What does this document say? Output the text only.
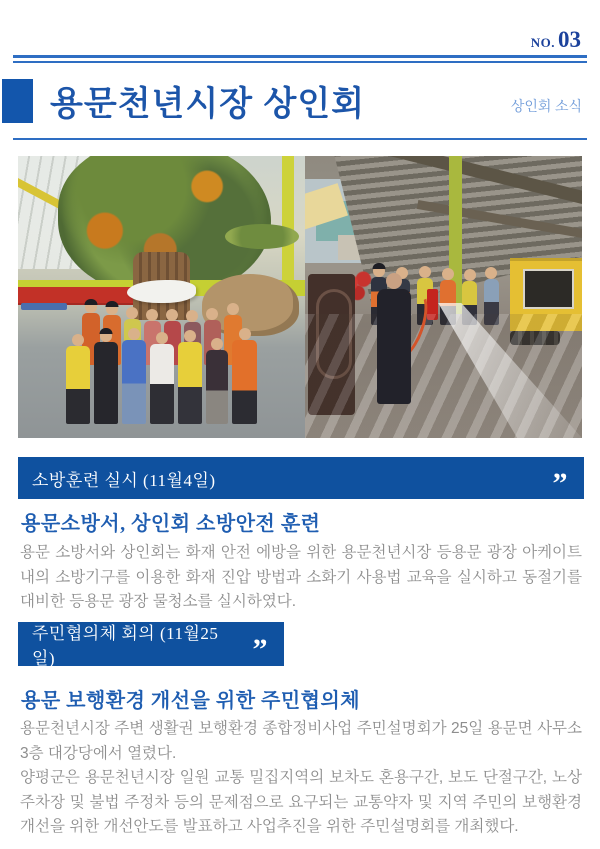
NO. 03
용문천년시장 상인회	상인회 소식
소방훈련 실시 (11월4일)	”
용문소방서, 상인회 소방안전 훈련

용문 소방서와 상인회는 화재 안전 에방을 위한 용문천년시장 등용문 광장 아케이트 내의 소방기구를 이용한 화재 진압 방법과 소화기 사용법 교육을 실시하고 동절기를 대비한 등용문 광장 물청소를 실시하였다.

주민협의체 회의 (11월25일)	”
용문 보행환경 개선을 위한 주민협의체

용문천년시장 주변 생활권 보행환경 종합정비사업 주민설명회가 25일 용문면 사무소 3층 대강당에서 열렸다.

양평군은 용문천년시장 일원 교통 밀집지역의 보차도 혼용구간, 보도 단절구간, 노상주차장 및 불법 주정차 등의 문제점으로 요구되는 교통약자 및 지역 주민의 보행환경 개선을 위한 개선안도를 발표하고 사업추진을 위한 주민설명회를 개최했다.
